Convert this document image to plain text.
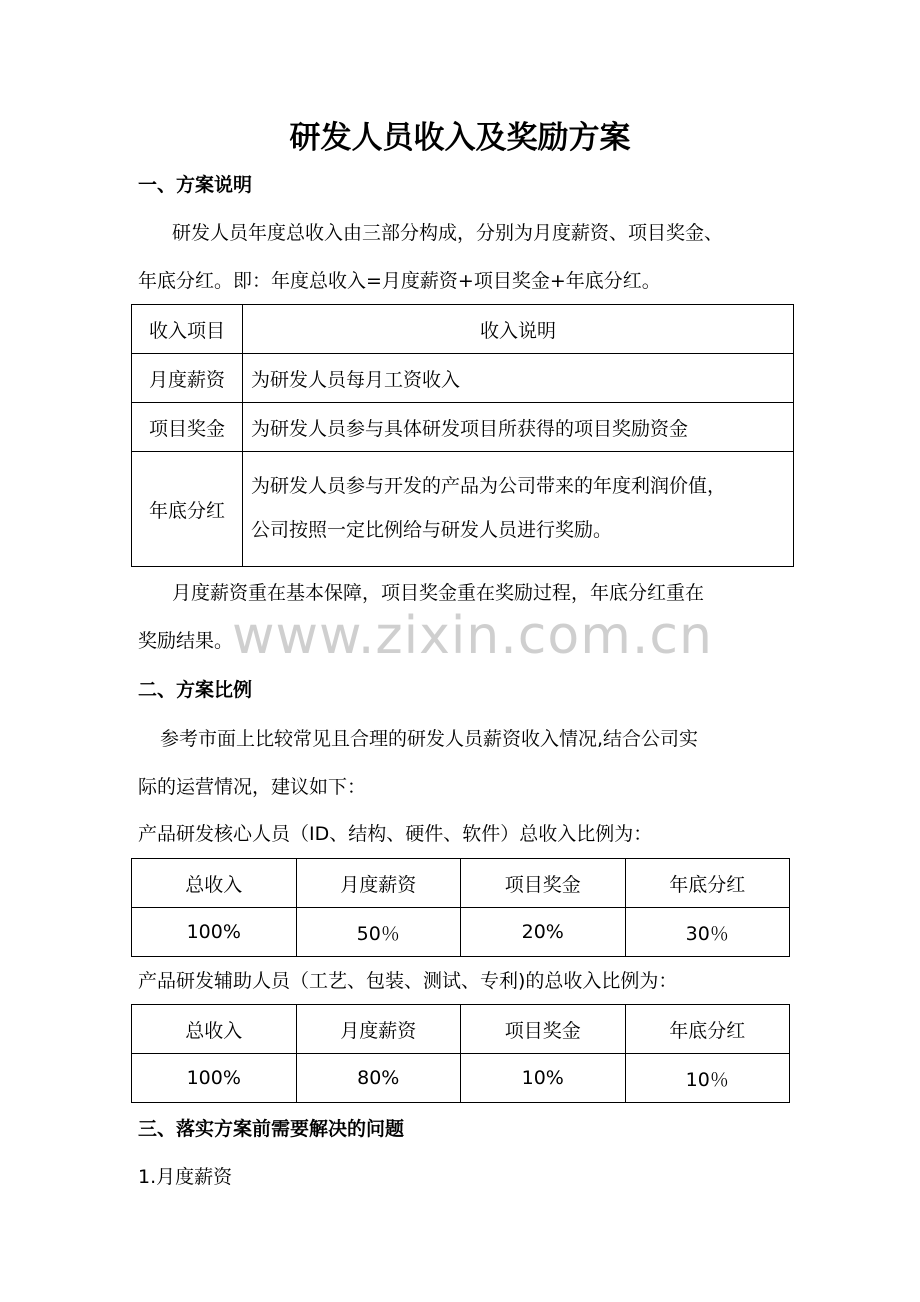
研发人员收入及奖励方案
一、方案说明
研发人员年度总收入由三部分构成，分别为月度薪资、项目奖金、
年底分红。即：年度总收入=月度薪资+项目奖金+年底分红。
收入项目	收入说明
月度薪资	为研发人员每月工资收入
项目奖金	为研发人员参与具体研发项目所获得的项目奖励资金
年底分红	为研发人员参与开发的产品为公司带来的年度利润价值，
公司按照一定比例给与研发人员进行奖励。
月度薪资重在基本保障，项目奖金重在奖励过程，年底分红重在
奖励结果。
www.zixin.com.cn
二、方案比例
参考市面上比较常见且合理的研发人员薪资收入情况,结合公司实
际的运营情况，建议如下：
产品研发核心人员（ID、结构、硬件、软件）总收入比例为：
总收入	月度薪资	项目奖金	年底分红
100%	50％	20%	30％
产品研发辅助人员（工艺、包装、测试、专利)的总收入比例为：
总收入	月度薪资	项目奖金	年底分红
100%	80%	10%	10％
三、落实方案前需要解决的问题
1.月度薪资
